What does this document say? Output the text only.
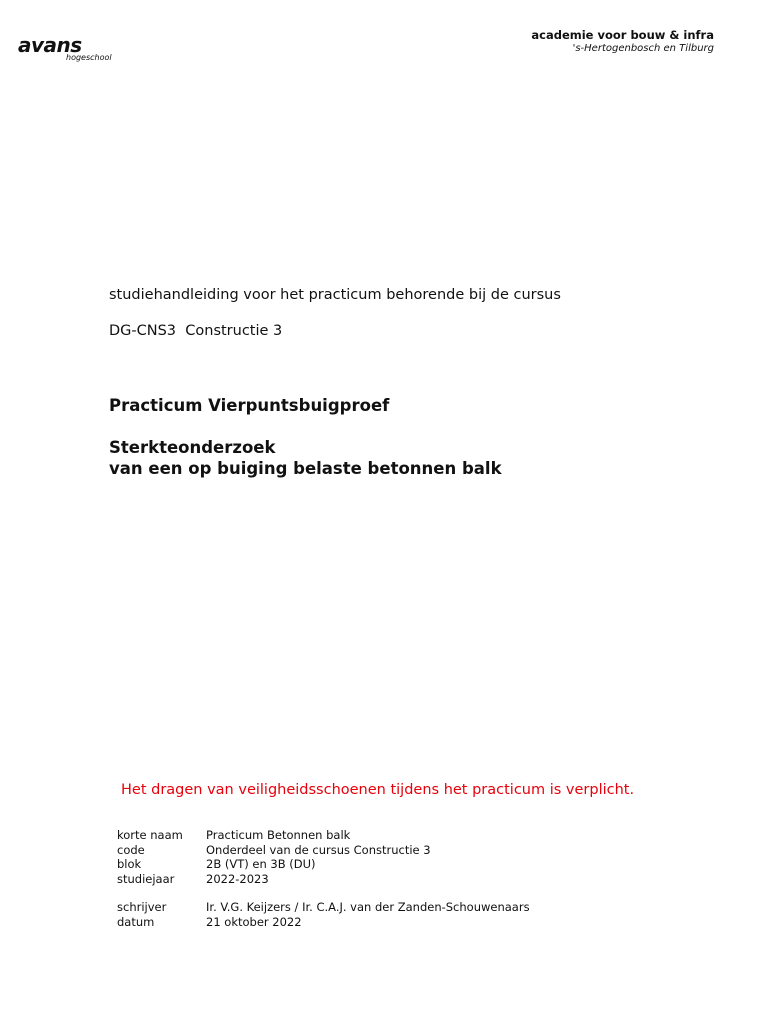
avans
hogeschool
academie voor bouw & infra
's-Hertogenbosch en Tilburg
studiehandleiding voor het practicum behorende bij de cursus
DG-CNS3  Constructie 3
Practicum Vierpuntsbuigproef
Sterkteonderzoek
van een op buiging belaste betonnen balk
Het dragen van veiligheidsschoenen tijdens het practicum is verplicht.
korte naam	Practicum Betonnen balk
code	Onderdeel van de cursus Constructie 3
blok	2B (VT) en 3B (DU)
studiejaar	2022-2023
schrijver	Ir. V.G. Keijzers / Ir. C.A.J. van der Zanden-Schouwenaars
datum	21 oktober 2022
